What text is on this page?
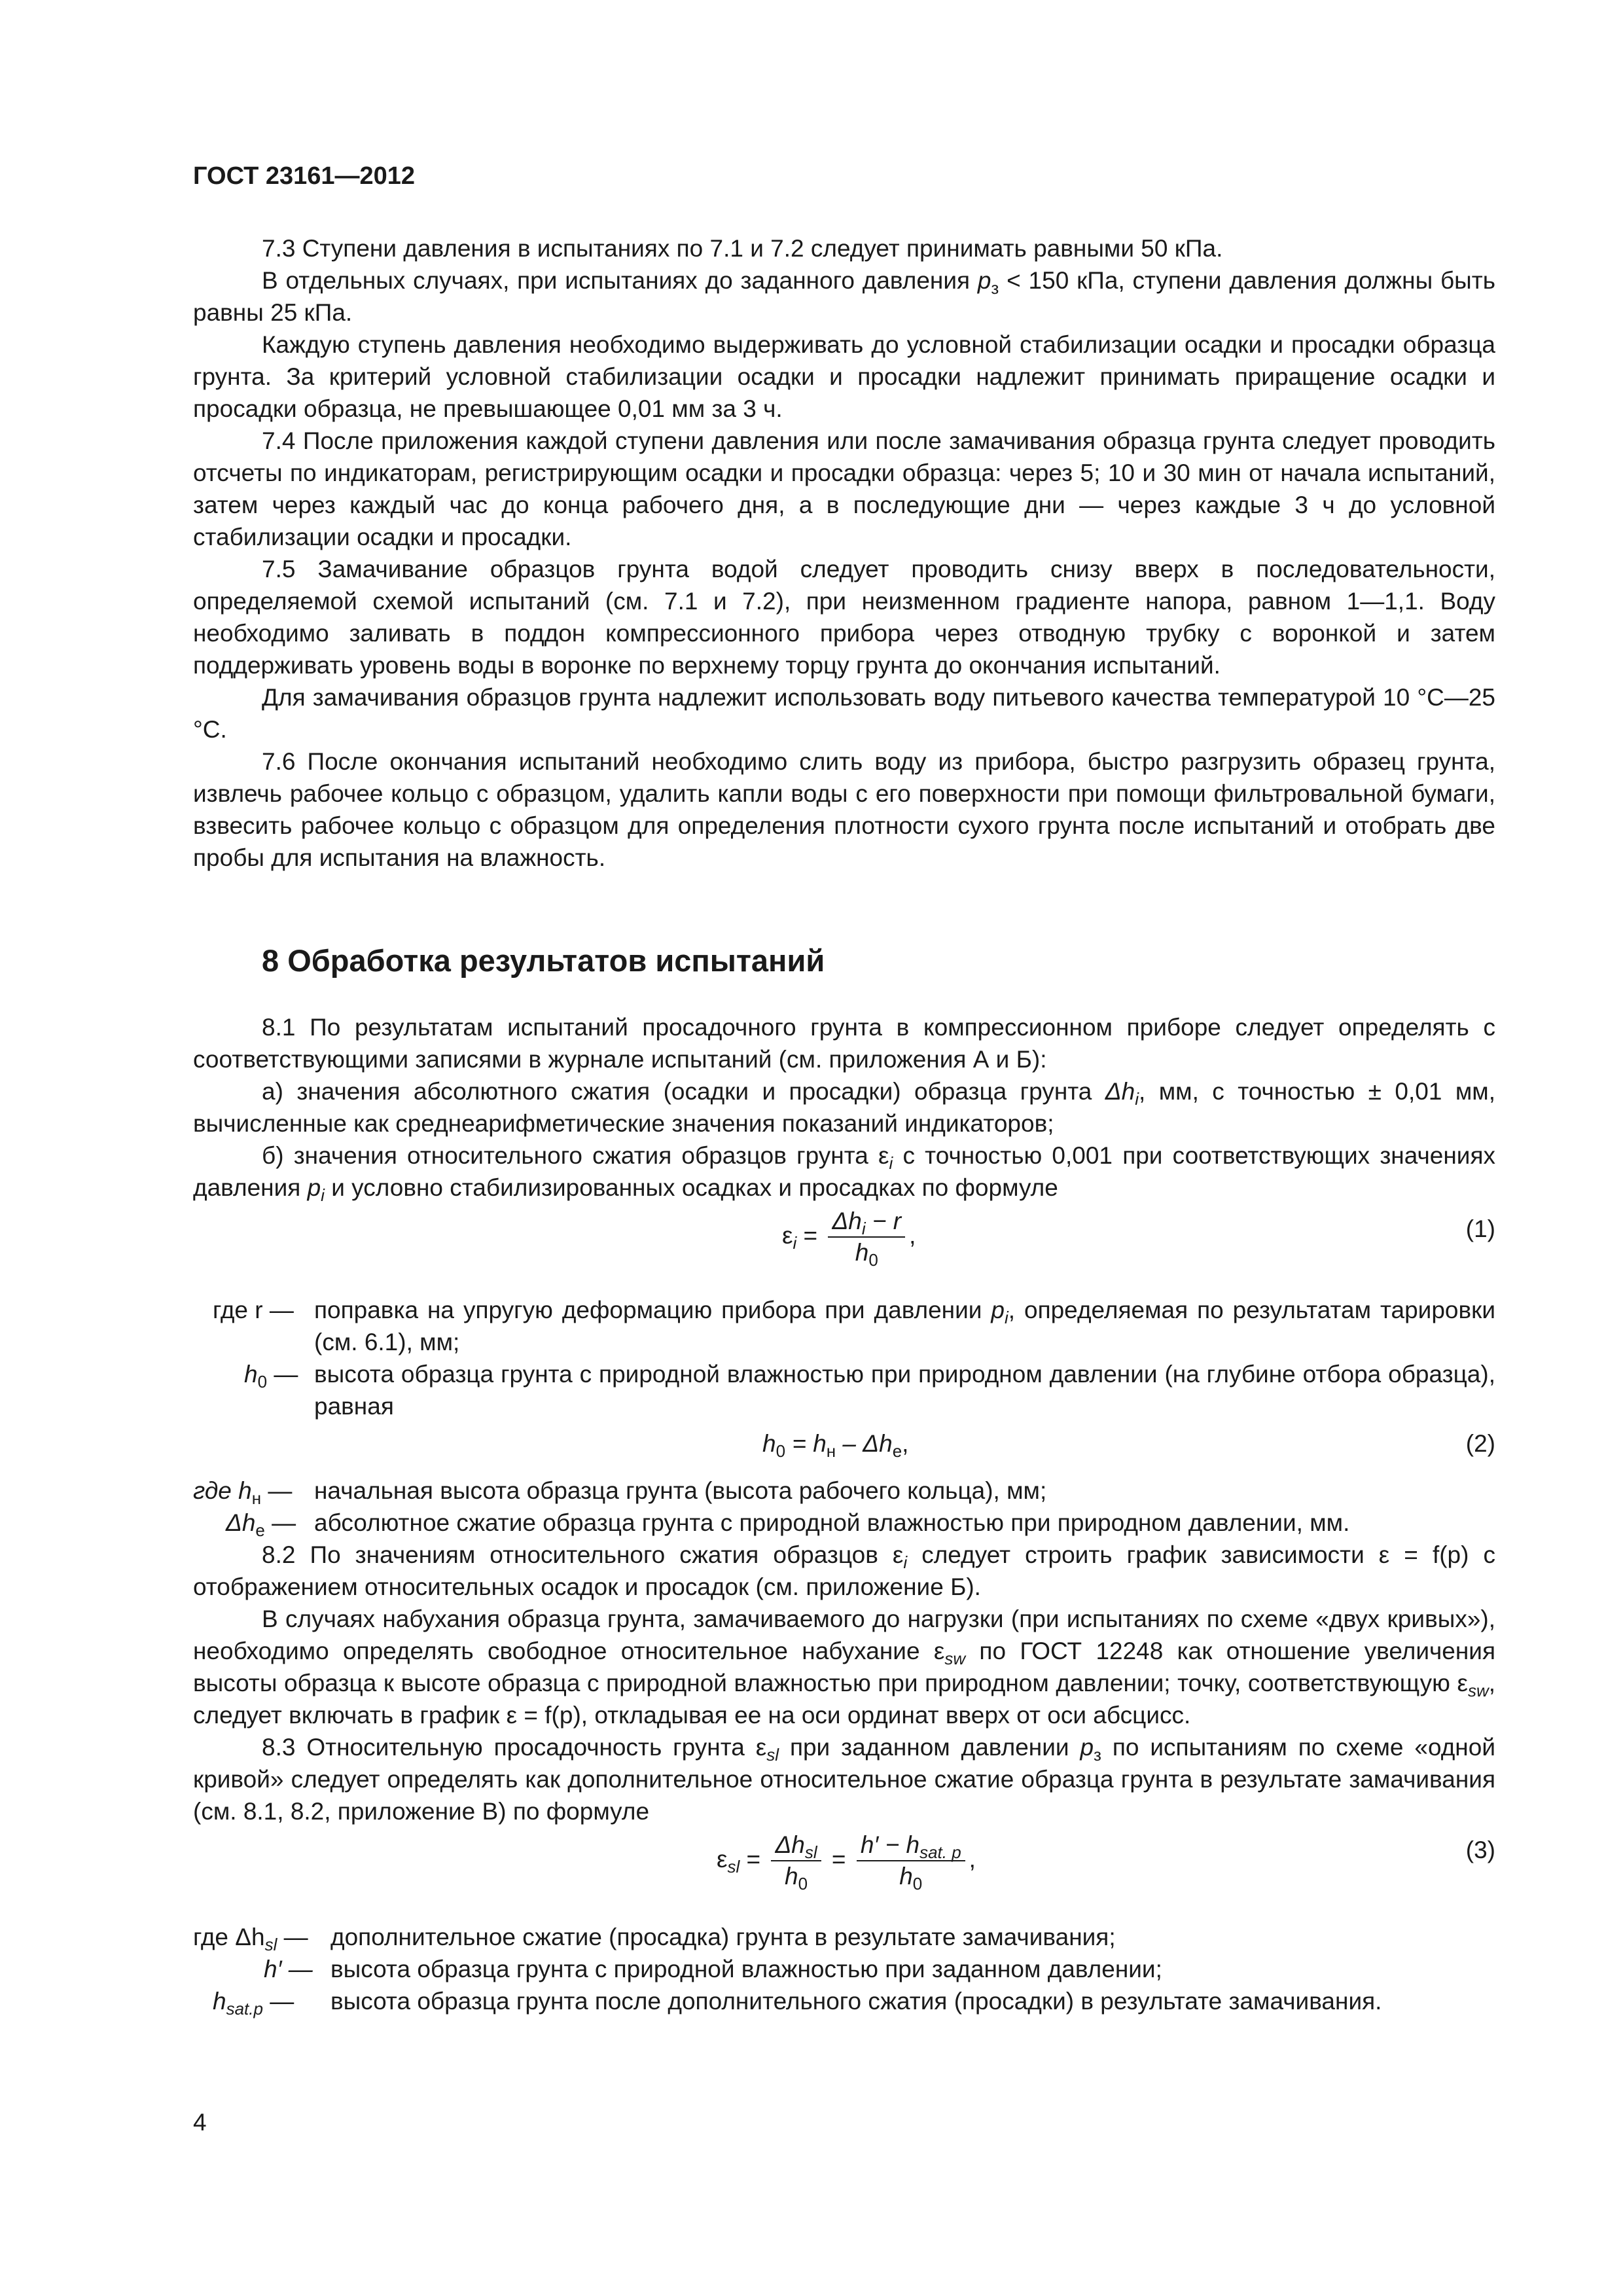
ГОСТ 23161—2012

7.3 Ступени давления в испытаниях по 7.1 и 7.2 следует принимать равными 50 кПа.

В отдельных случаях, при испытаниях до заданного давления $p_з < 150$ кПа, ступени давления должны быть равны 25 кПа.

Каждую ступень давления необходимо выдерживать до условной стабилизации осадки и просадки образца грунта. За критерий условной стабилизации осадки и просадки надлежит принимать приращение осадки и просадки образца, не превышающее 0,01 мм за 3 ч.

7.4 После приложения каждой ступени давления или после замачивания образца грунта следует проводить отсчеты по индикаторам, регистрирующим осадки и просадки образца: через 5; 10 и 30 мин от начала испытаний, затем через каждый час до конца рабочего дня, а в последующие дни — через каждые 3 ч до условной стабилизации осадки и просадки.

7.5 Замачивание образцов грунта водой следует проводить снизу вверх в последовательности, определяемой схемой испытаний (см. 7.1 и 7.2), при неизменном градиенте напора, равном 1—1,1. Воду необходимо заливать в поддон компрессионного прибора через отводную трубку с воронкой и затем поддерживать уровень воды в воронке по верхнему торцу грунта до окончания испытаний.

Для замачивания образцов грунта надлежит использовать воду питьевого качества температурой 10 °С—25 °С.

7.6 После окончания испытаний необходимо слить воду из прибора, быстро разгрузить образец грунта, извлечь рабочее кольцо с образцом, удалить капли воды с его поверхности при помощи фильтровальной бумаги, взвесить рабочее кольцо с образцом для определения плотности сухого грунта после испытаний и отобрать две пробы для испытания на влажность.

8 Обработка результатов испытаний

8.1 По результатам испытаний просадочного грунта в компрессионном приборе следует определять с соответствующими записями в журнале испытаний (см. приложения А и Б):

а) значения абсолютного сжатия (осадки и просадки) образца грунта $\Delta h_i$, мм, с точностью ± 0,01 мм, вычисленные как среднеарифметические значения показаний индикаторов;

б) значения относительного сжатия образцов грунта $\varepsilon_i$ с точностью 0,001 при соответствующих значениях давления $p_i$ и условно стабилизированных осадках и просадках по формуле

$\varepsilon_i = \frac{\Delta h_i - r}{h_0}$ ,	(1)
где r — поправка на упругую деформацию прибора при давлении $p_i$, определяемая по результатам тарировки (см. 6.1), мм;
$h_0$ — высота образца грунта с природной влажностью при природном давлении (на глубине отбора образца), равная
$h_0 = h_н - \Delta h_е$,	(2)
где $h_н$ — начальная высота образца грунта (высота рабочего кольца), мм;
$\Delta h_е$ — абсолютное сжатие образца грунта с природной влажностью при природном давлении, мм.

8.2 По значениям относительного сжатия образцов $\varepsilon_i$ следует строить график зависимости ε = f(p) с отображением относительных осадок и просадок (см. приложение Б).

В случаях набухания образца грунта, замачиваемого до нагрузки (при испытаниях по схеме «двух кривых»), необходимо определять свободное относительное набухание $\varepsilon_{sw}$ по ГОСТ 12248 как отношение увеличения высоты образца к высоте образца с природной влажностью при природном давлении; точку, соответствующую $\varepsilon_{sw}$, следует включать в график ε = f(p), откладывая ее на оси ординат вверх от оси абсцисс.

8.3 Относительную просадочность грунта $\varepsilon_{sl}$ при заданном давлении $p_з$ по испытаниям по схеме «одной кривой» следует определять как дополнительное относительное сжатие образца грунта в результате замачивания (см. 8.1, 8.2, приложение В) по формуле

$\varepsilon_{sl} = \frac{\Delta h_{sl}}{h_0} = \frac{h' - h_{sat. p}}{h_0}$ ,	(3)
где $\Delta h_{sl}$ — дополнительное сжатие (просадка) грунта в результате замачивания;
h′ — высота образца грунта с природной влажностью при заданном давлении;
$h_{sat.p}$ — высота образца грунта после дополнительного сжатия (просадки) в результате замачивания.
4
